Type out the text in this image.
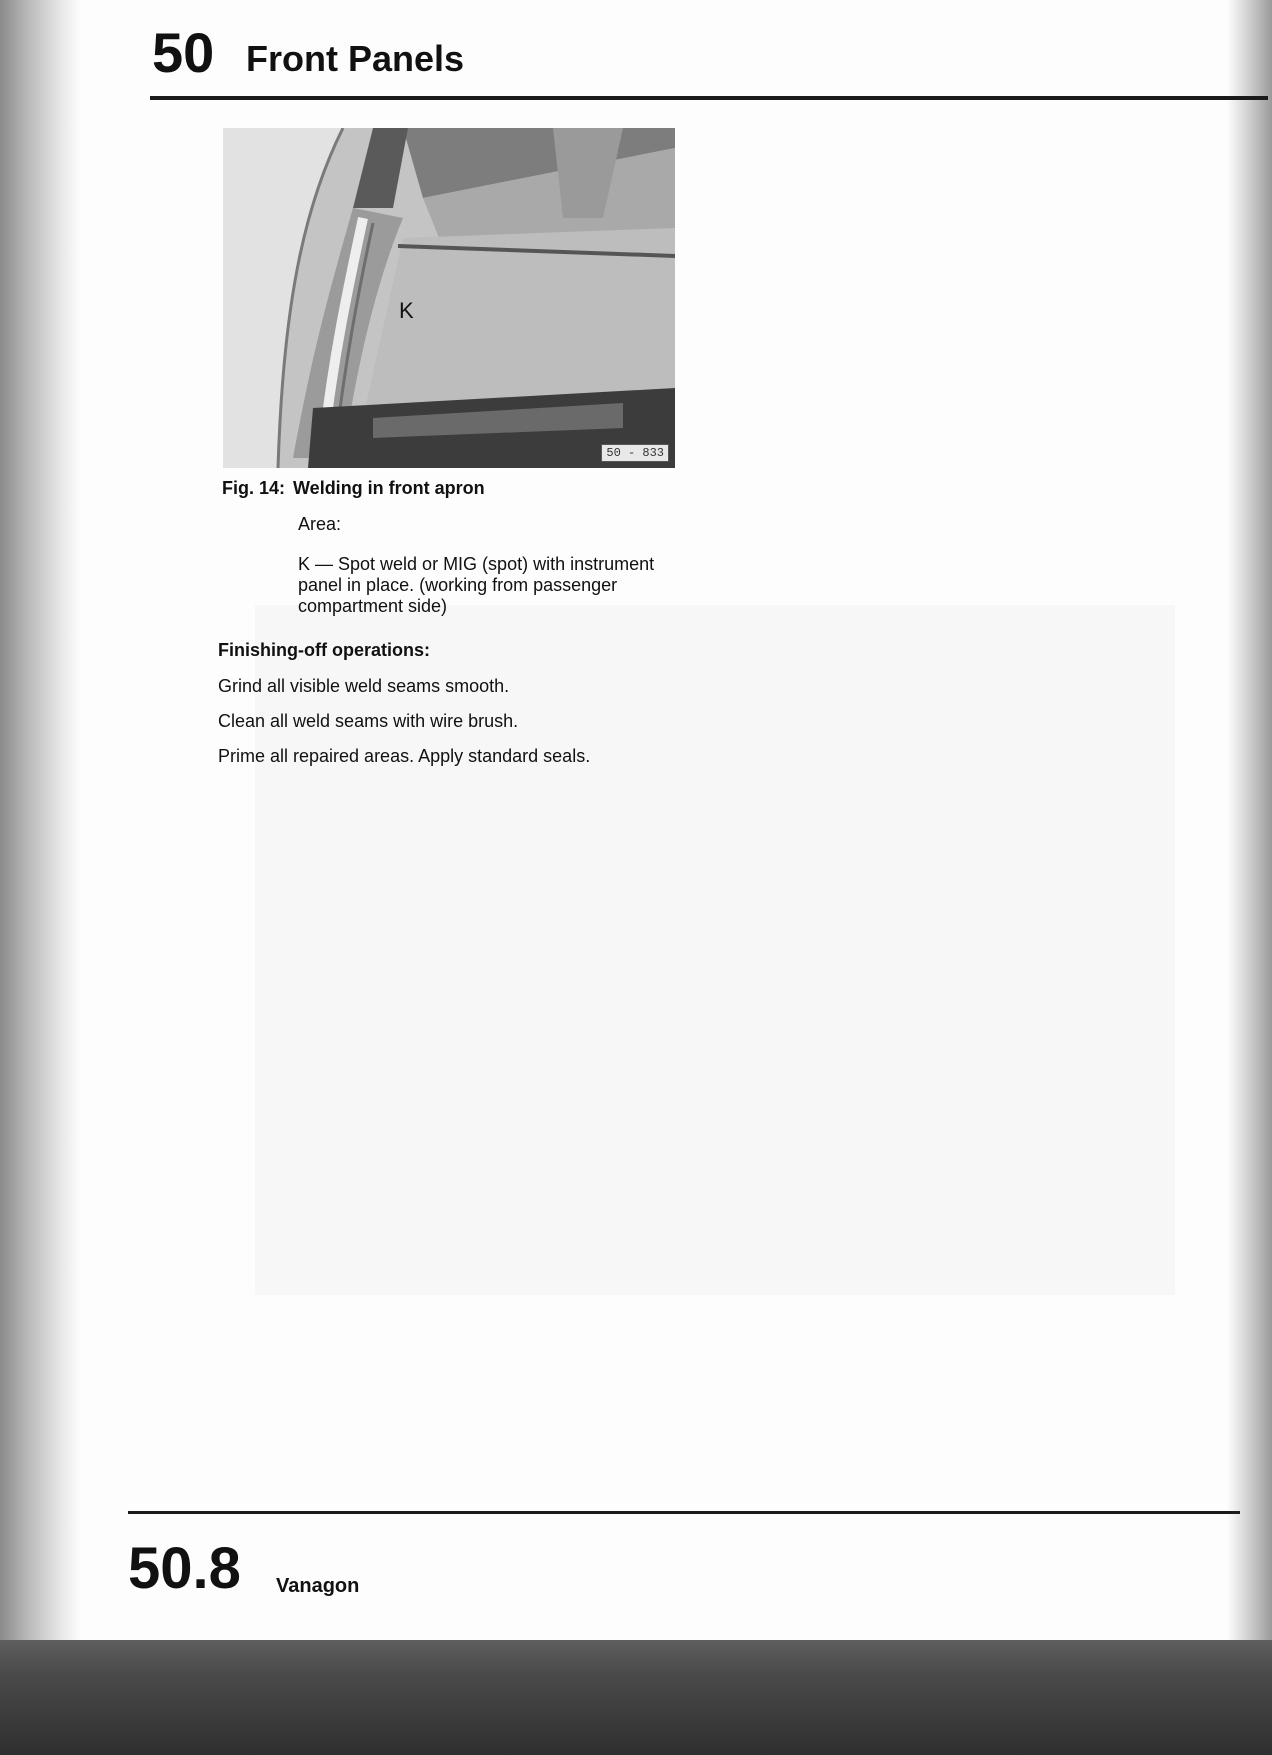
50 Front Panels
K
50 - 833
Fig. 14: Welding in front apron
Area:
K — Spot weld or MIG (spot) with instrument panel in place. (working from passenger compartment side)
Finishing-off operations:
Grind all visible weld seams smooth.
Clean all weld seams with wire brush.
Prime all repaired areas. Apply standard seals.
50.8 Vanagon
